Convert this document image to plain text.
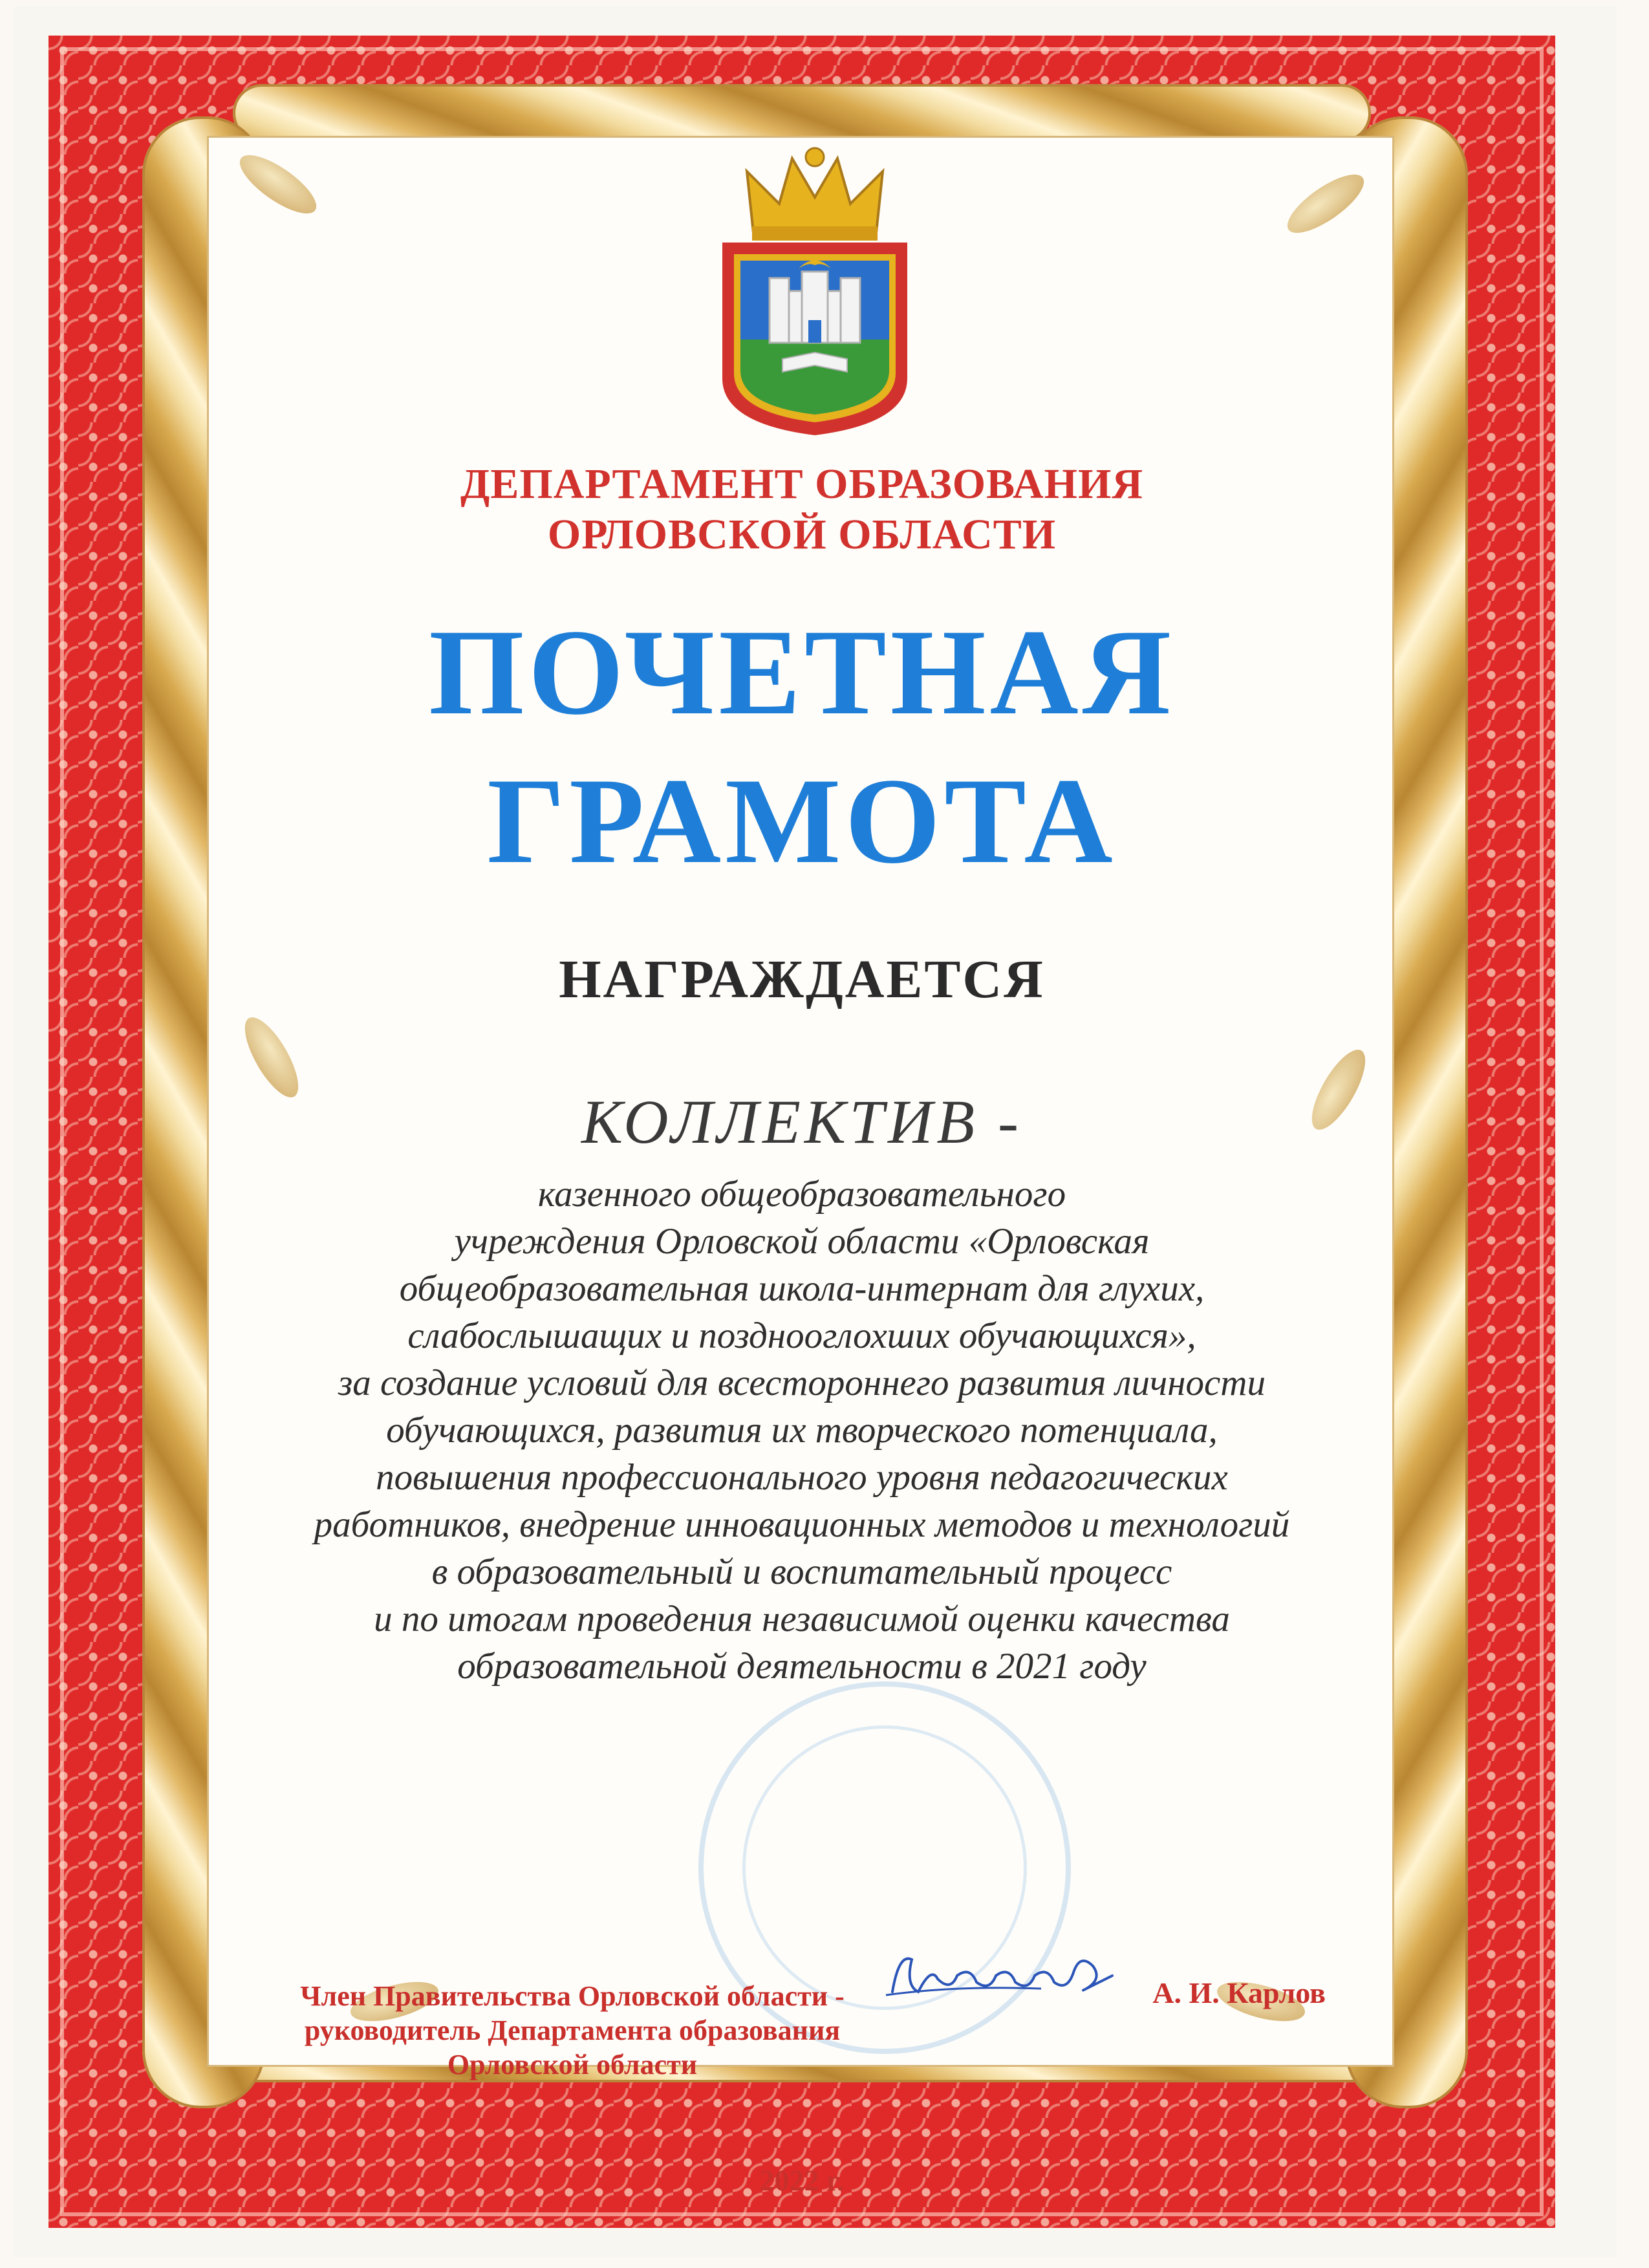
ДЕПАРТАМЕНТ ОБРАЗОВАНИЯ
ОРЛОВСКОЙ ОБЛАСТИ
ПОЧЕТНАЯ
ГРАМОТА
НАГРАЖДАЕТСЯ
КОЛЛЕКТИВ -
казенного общеобразовательного
учреждения Орловской области «Орловская
общеобразовательная школа-интернат для глухих,
слабослышащих и позднооглохших обучающихся»,
за создание условий для всестороннего развития личности
обучающихся, развития их творческого потенциала,
повышения профессионального уровня педагогических
работников, внедрение инновационных методов и технологий
в образовательный и воспитательный процесс
и по итогам проведения независимой оценки качества
образовательной деятельности в 2021 году
Член Правительства Орловской области -
руководитель Департамента образования
Орловской области
А. И. Карлов
2022 г.
